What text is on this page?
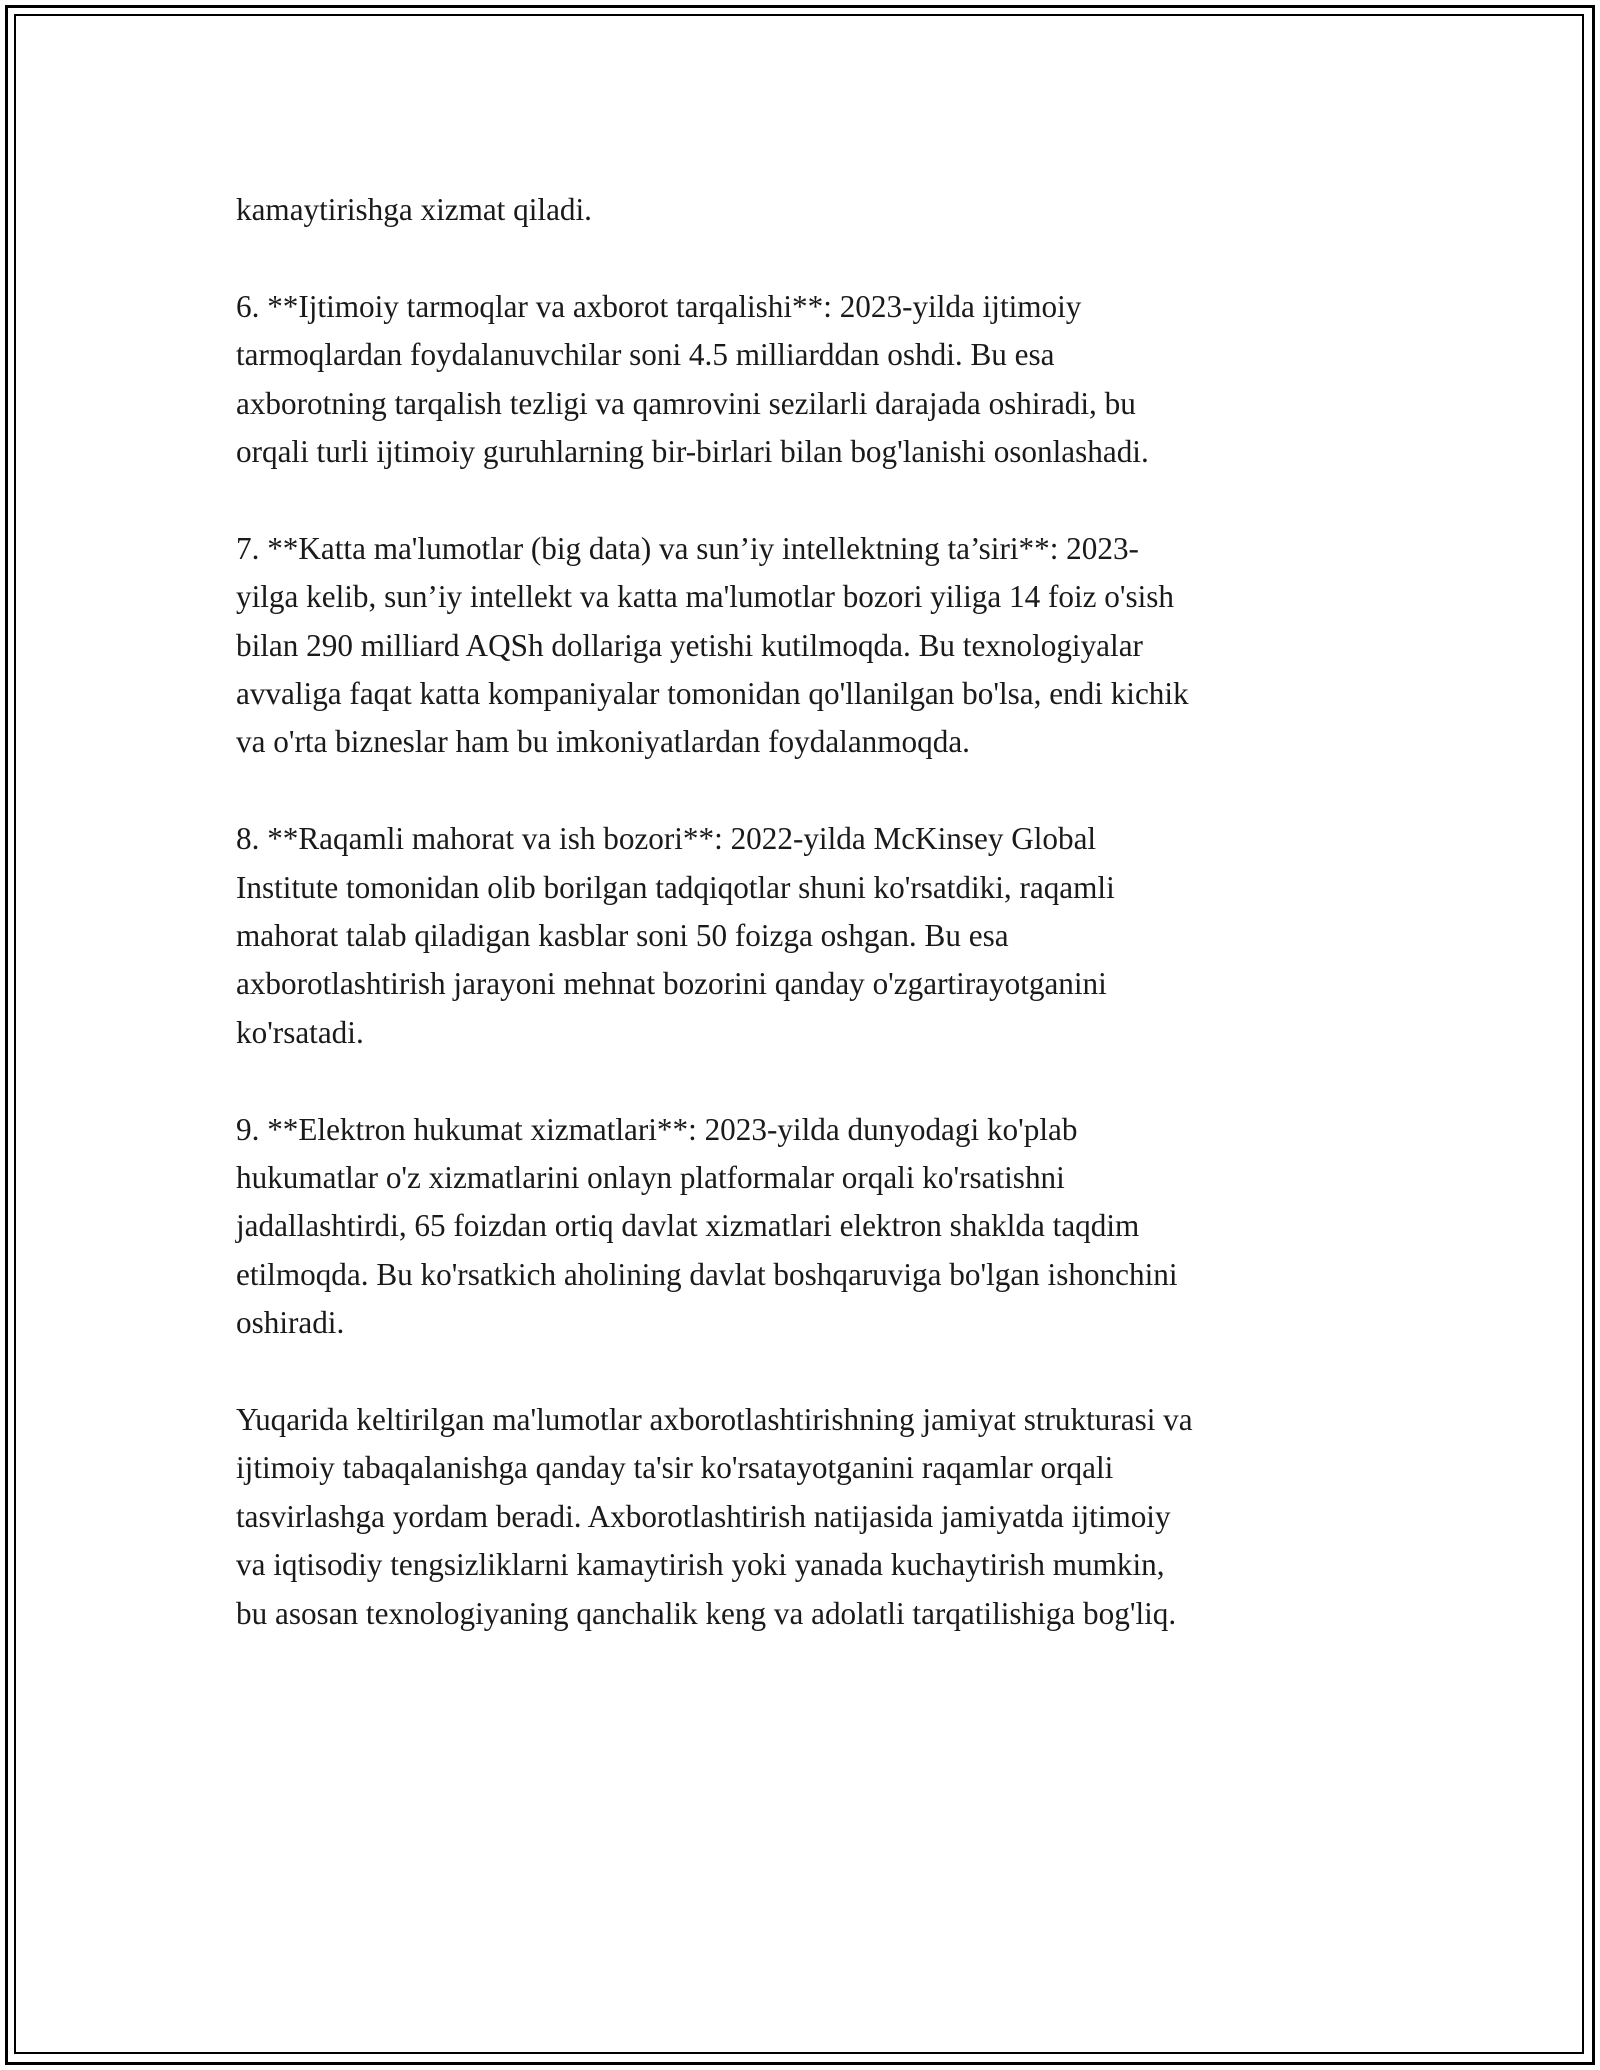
kamaytirishga xizmat qiladi.

6. **Ijtimoiy tarmoqlar va axborot tarqalishi**: 2023-yilda ijtimoiy
tarmoqlardan foydalanuvchilar soni 4.5 milliarddan oshdi. Bu esa
axborotning tarqalish tezligi va qamrovini sezilarli darajada oshiradi, bu
orqali turli ijtimoiy guruhlarning bir-birlari bilan bog'lanishi osonlashadi.

7. **Katta ma'lumotlar (big data) va sun’iy intellektning ta’siri**: 2023-
yilga kelib, sun’iy intellekt va katta ma'lumotlar bozori yiliga 14 foiz o'sish
bilan 290 milliard AQSh dollariga yetishi kutilmoqda. Bu texnologiyalar
avvaliga faqat katta kompaniyalar tomonidan qo'llanilgan bo'lsa, endi kichik
va o'rta bizneslar ham bu imkoniyatlardan foydalanmoqda.

8. **Raqamli mahorat va ish bozori**: 2022-yilda McKinsey Global
Institute tomonidan olib borilgan tadqiqotlar shuni ko'rsatdiki, raqamli
mahorat talab qiladigan kasblar soni 50 foizga oshgan. Bu esa
axborotlashtirish jarayoni mehnat bozorini qanday o'zgartirayotganini
ko'rsatadi.

9. **Elektron hukumat xizmatlari**: 2023-yilda dunyodagi ko'plab
hukumatlar o'z xizmatlarini onlayn platformalar orqali ko'rsatishni
jadallashtirdi, 65 foizdan ortiq davlat xizmatlari elektron shaklda taqdim
etilmoqda. Bu ko'rsatkich aholining davlat boshqaruviga bo'lgan ishonchini
oshiradi.

Yuqarida keltirilgan ma'lumotlar axborotlashtirishning jamiyat strukturasi va
ijtimoiy tabaqalanishga qanday ta'sir ko'rsatayotganini raqamlar orqali
tasvirlashga yordam beradi. Axborotlashtirish natijasida jamiyatda ijtimoiy
va iqtisodiy tengsizliklarni kamaytirish yoki yanada kuchaytirish mumkin,
bu asosan texnologiyaning qanchalik keng va adolatli tarqatilishiga bog'liq.
